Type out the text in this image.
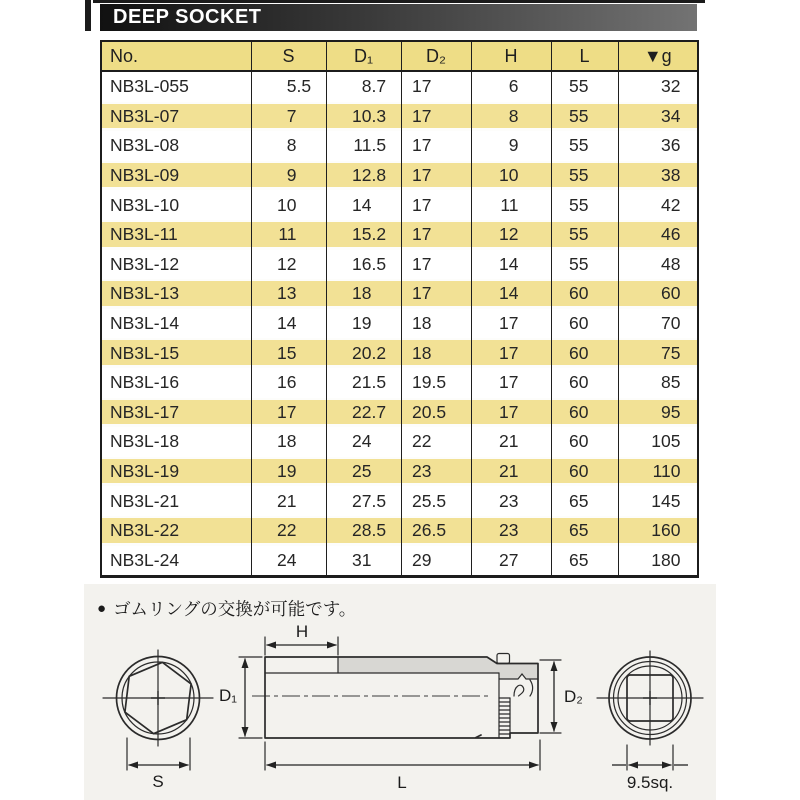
DEEP SOCKET
No.	S	D₁	D₂	H	L	▼g
NB3L-055	5.5	8.7	17	6	55	32
NB3L-07	7	10.3	17	8	55	34
NB3L-08	8	11.5	17	9	55	36
NB3L-09	9	12.8	17	10	55	38
NB3L-10	10	14	17	11	55	42
NB3L-11	11	15.2	17	12	55	46
NB3L-12	12	16.5	17	14	55	48
NB3L-13	13	18	17	14	60	60
NB3L-14	14	19	18	17	60	70
NB3L-15	15	20.2	18	17	60	75
NB3L-16	16	21.5	19.5	17	60	85
NB3L-17	17	22.7	20.5	17	60	95
NB3L-18	18	24	22	21	60	105
NB3L-19	19	25	23	21	60	110
NB3L-21	21	27.5	25.5	23	65	145
NB3L-22	22	28.5	26.5	23	65	160
NB3L-24	24	31	29	27	65	180
● ゴムリングの交換が可能です。
S
H
D₁	D₂
L	9.5sq.
